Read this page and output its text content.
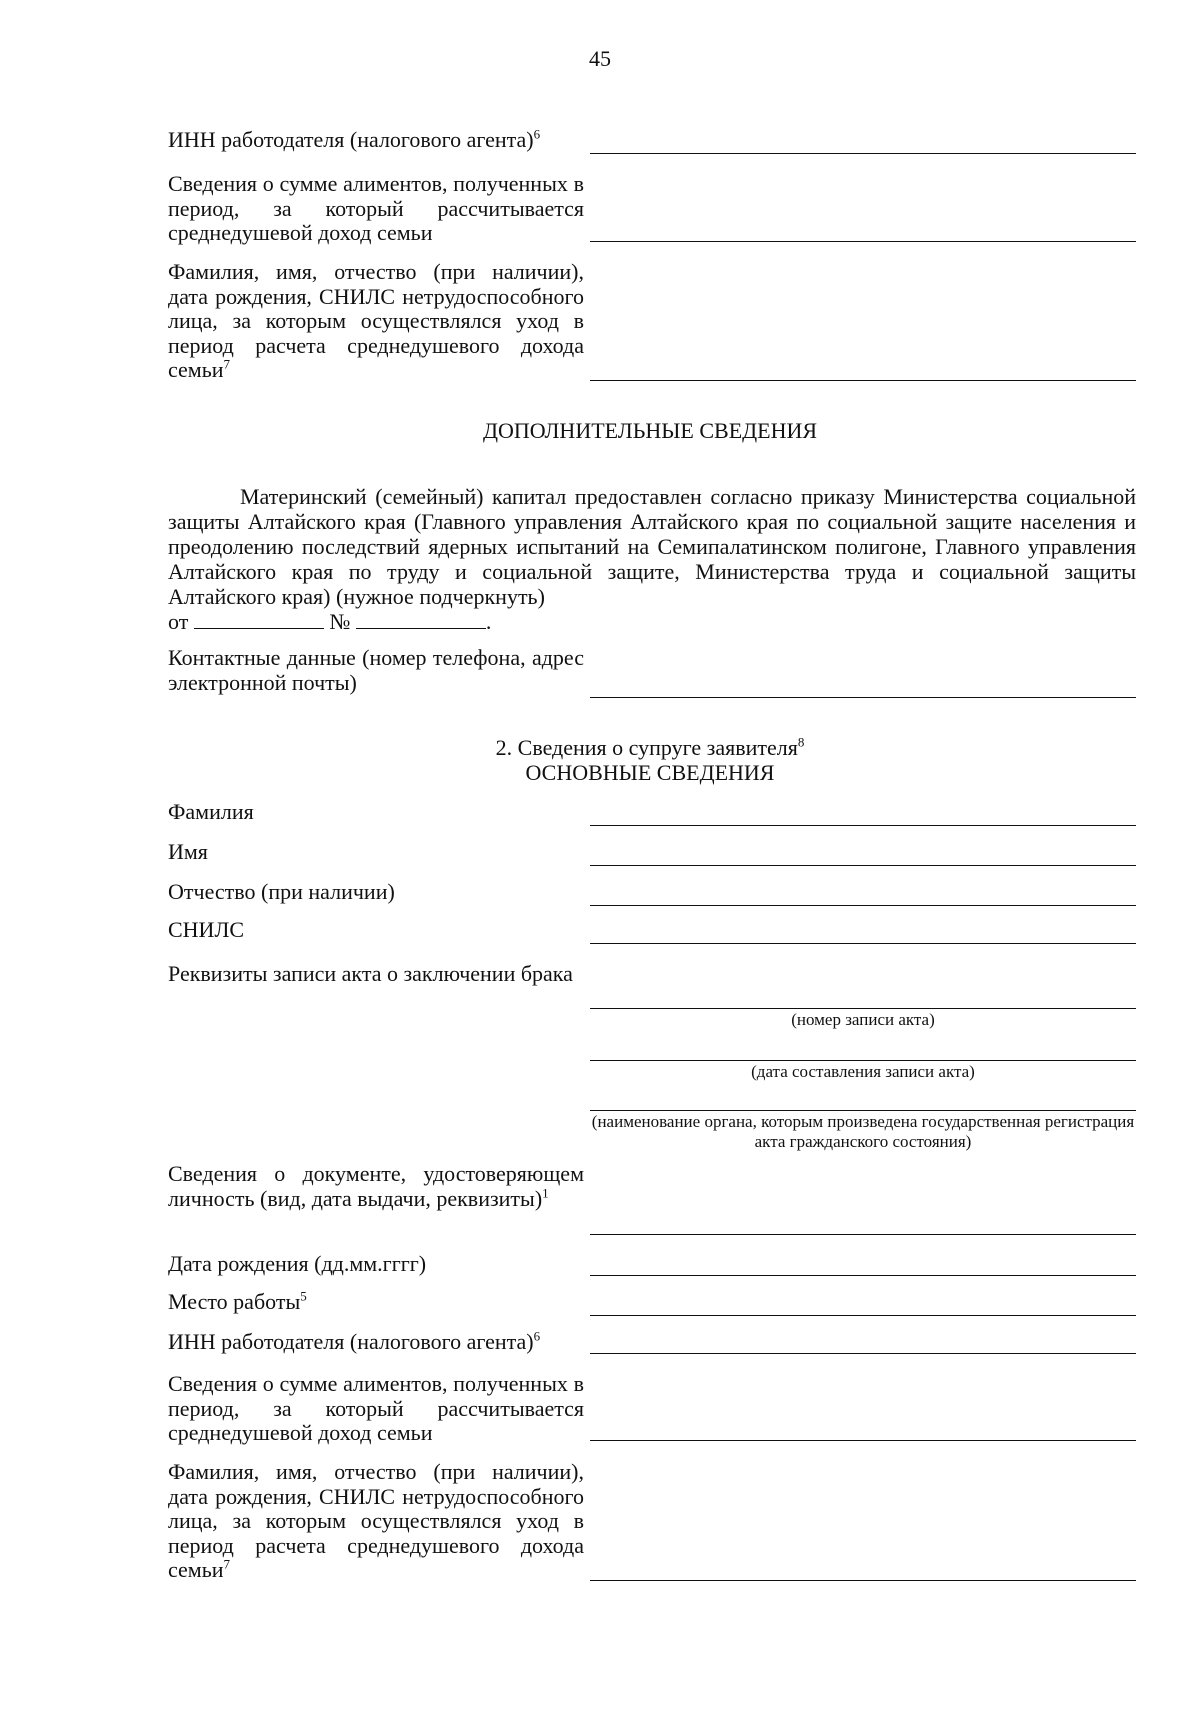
45
ИНН работодателя (налогового агента)$^6$
Сведения о сумме алиментов, полученных в период, за который рассчитывается среднедушевой доход семьи
Фамилия, имя, отчество (при наличии), дата рождения, СНИЛС нетрудоспособного лица, за которым осуществлялся уход в период расчета среднедушевого дохода семьи$^7$
ДОПОЛНИТЕЛЬНЫЕ СВЕДЕНИЯ
Материнский (семейный) капитал предоставлен согласно приказу Министерства социальной защиты Алтайского края (Главного управления Алтайского края по социальной защите населения и преодолению последствий ядерных испытаний на Семипалатинском полигоне, Главного управления Алтайского края по труду и социальной защите, Министерства труда и социальной защиты Алтайского края) (нужное подчеркнуть)
от	№	.
Контактные данные (номер телефона, адрес электронной почты)
2. Сведения о супруге заявителя$^8$
ОСНОВНЫЕ СВЕДЕНИЯ
Фамилия
Имя
Отчество (при наличии)
СНИЛС
Реквизиты записи акта о заключении брака
(номер записи акта)
(дата составления записи акта)
(наименование органа, которым произведена государственная регистрация акта гражданского состояния)
Сведения о документе, удостоверяющем личность (вид, дата выдачи, реквизиты)$^1$
Дата рождения (дд.мм.гггг)
Место работы$^5$
ИНН работодателя (налогового агента)$^6$
Сведения о сумме алиментов, полученных в период, за который рассчитывается среднедушевой доход семьи
Фамилия, имя, отчество (при наличии), дата рождения, СНИЛС нетрудоспособного лица, за которым осуществлялся уход в период расчета среднедушевого дохода семьи$^7$
